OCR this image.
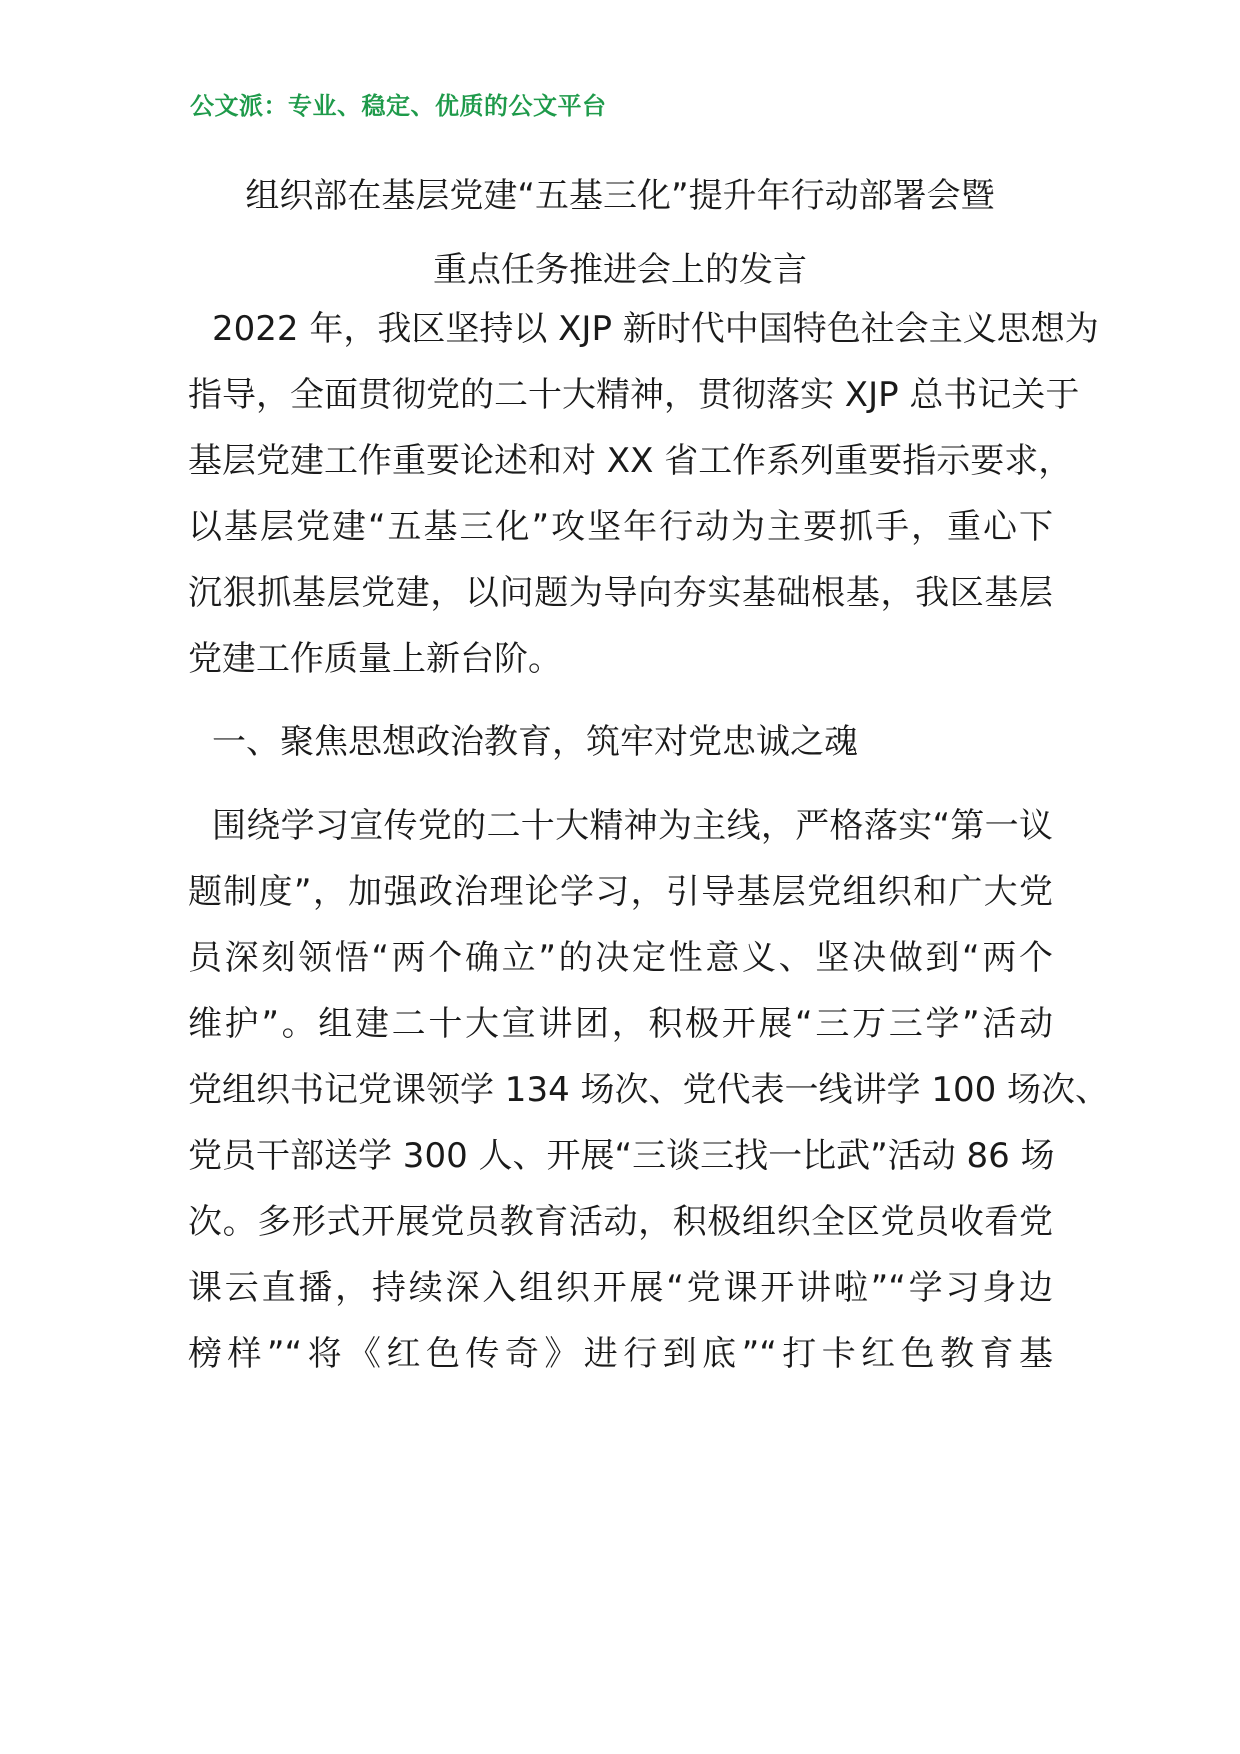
公文派：专业、稳定、优质的公文平台
组织部在基层党建“五基三化”提升年行动部署会暨
重点任务推进会上的发言
2022 年，我区坚持以 XJP 新时代中国特色社会主义思想为
指导，全面贯彻党的二十大精神，贯彻落实 XJP 总书记关于
基层党建工作重要论述和对 XX 省工作系列重要指示要求，
以基层党建“五基三化”攻坚年行动为主要抓手，重心下
沉狠抓基层党建，以问题为导向夯实基础根基，我区基层
党建工作质量上新台阶。
一、聚焦思想政治教育，筑牢对党忠诚之魂
围绕学习宣传党的二十大精神为主线，严格落实“第一议
题制度”，加强政治理论学习，引导基层党组织和广大党
员深刻领悟“两个确立”的决定性意义、坚决做到“两个
维护”。组建二十大宣讲团，积极开展“三万三学”活动
党组织书记党课领学 134 场次、党代表一线讲学 100 场次、
党员干部送学 300 人、开展“三谈三找一比武”活动 86 场
次。多形式开展党员教育活动，积极组织全区党员收看党
课云直播，持续深入组织开展“党课开讲啦”“学习身边
榜样”“将《红色传奇》进行到底”“打卡红色教育基
